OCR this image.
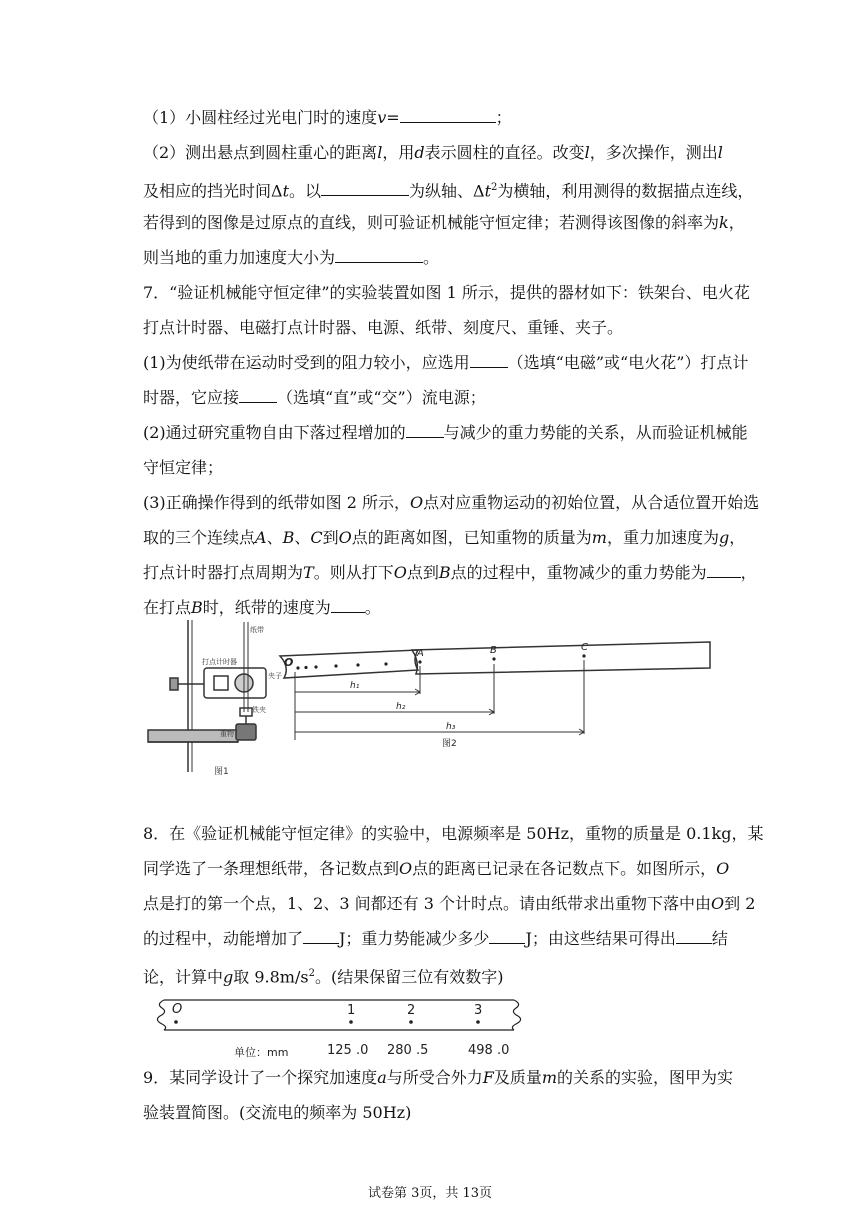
（1）小圆柱经过光电门时的速度v=	；
（2）测出悬点到圆柱重心的距离l，用d表示圆柱的直径。改变l，多次操作，测出l
及相应的挡光时间Δt。以	为纵轴、$\Delta t^2$为横轴，利用测得的数据描点连线，
若得到的图像是过原点的直线，则可验证机械能守恒定律；若测得该图像的斜率为k，
则当地的重力加速度大小为	。
7．“验证机械能守恒定律”的实验装置如图 1 所示，提供的器材如下：铁架台、电火花
打点计时器、电磁打点计时器、电源、纸带、刻度尺、重锤、夹子。
(1)为使纸带在运动时受到的阻力较小，应选用 （选填“电磁”或“电火花”）打点计
时器，它应接 （选填“直”或“交”）流电源；
(2)通过研究重物自由下落过程增加的 与减少的重力势能的关系，从而验证机械能
守恒定律；
(3)正确操作得到的纸带如图 2 所示，O点对应重物运动的初始位置，从合适位置开始选
取的三个连续点A、B、C到O点的距离如图，已知重物的质量为m，重力加速度为g，
打点计时器打点周期为T。则从打下O点到B点的过程中，重物减少的重力势能为 ，
在打点B时，纸带的速度为 。
打点计时器
纸带
夹子
铁夹
重物
图1
O
A	B	C
h₁
h₂
h₃
图2
8．在《验证机械能守恒定律》的实验中，电源频率是 50Hz，重物的质量是 0.1kg，某
同学选了一条理想纸带，各记数点到O点的距离已记录在各记数点下。如图所示，O
点是打的第一个点，1、2、3 间都还有 3 个计时点。请由纸带求出重物下落中由O到 2
的过程中，动能增加了 J；重力势能减少多少 J；由这些结果可得出 结
论，计算中g取 $9.8m/s^2$。(结果保留三位有效数字)
O	1	2	3
单位：mm	125 .0 280 .5	498 .0
9．某同学设计了一个探究加速度a与所受合外力F及质量m的关系的实验，图甲为实
验装置简图。(交流电的频率为 50Hz)
试卷第 3页，共 13页
